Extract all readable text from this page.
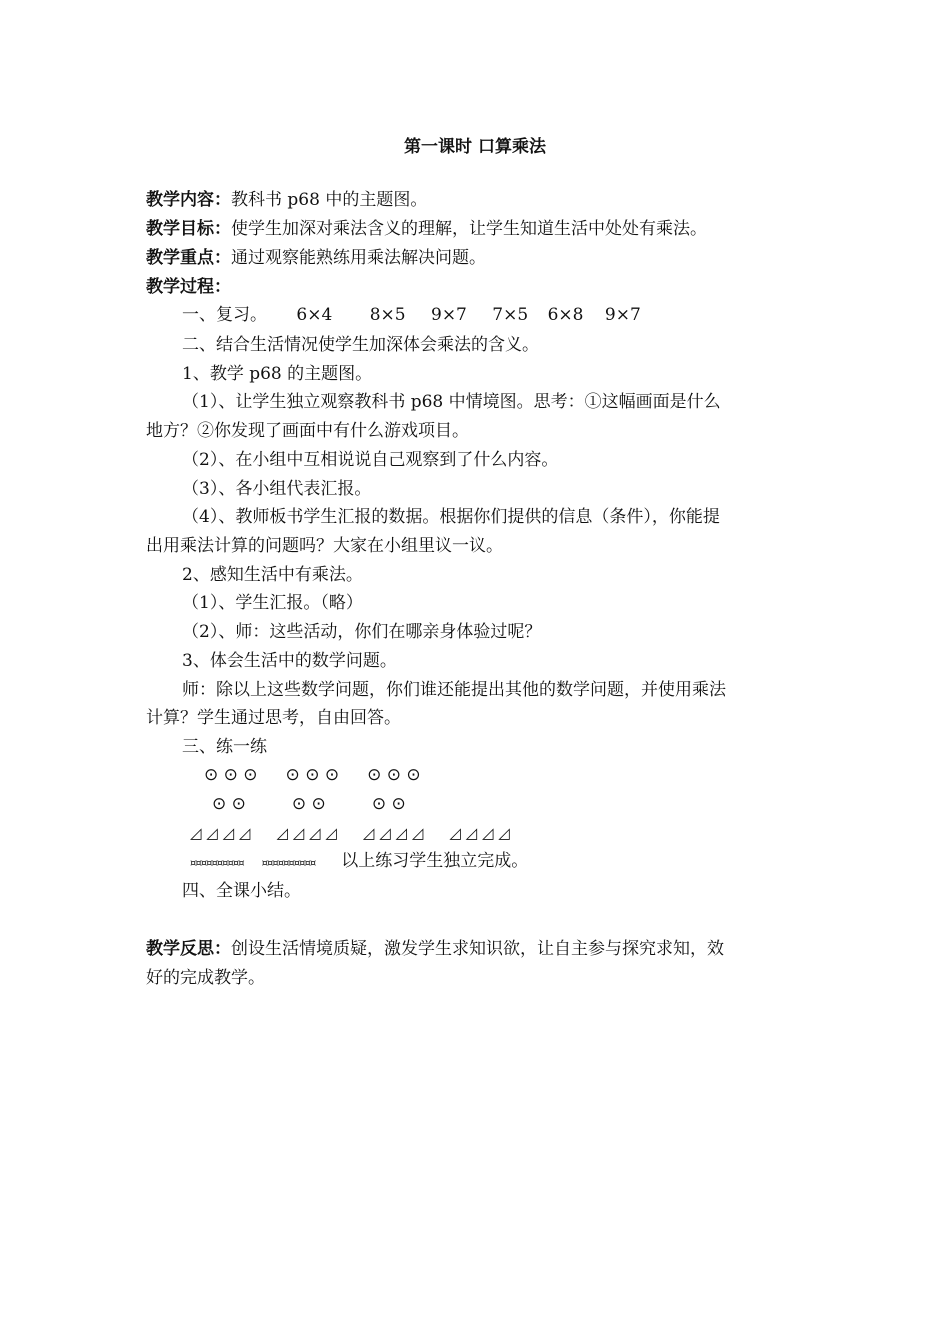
第一课时 口算乘法
教学内容：教科书 p68 中的主题图。
教学目标：使学生加深对乘法含义的理解，让学生知道生活中处处有乘法。
教学重点：通过观察能熟练用乘法解决问题。
教学过程：
一、复习。 6×4 8×5 9×7 7×5 6×8 9×7
二、结合生活情况使学生加深体会乘法的含义。
1、教学 p68 的主题图。
（1）、让学生独立观察教科书 p68 中情境图。思考：①这幅画面是什么
地方？②你发现了画面中有什么游戏项目。
（2）、在小组中互相说说自己观察到了什么内容。
（3）、各小组代表汇报。
（4）、教师板书学生汇报的数据。根据你们提供的信息（条件），你能提
出用乘法计算的问题吗？大家在小组里议一议。
2、感知生活中有乘法。
（1）、学生汇报。（略）
（2）、师：这些活动，你们在哪亲身体验过呢？
3、体会生活中的数学问题。
师：除以上这些数学问题，你们谁还能提出其他的数学问题，并使用乘法
计算？学生通过思考，自由回答。
三、练一练
⊙ ⊙ ⊙ ⊙ ⊙ ⊙ ⊙ ⊙ ⊙
⊙ ⊙	⊙ ⊙	⊙ ⊙
◿ ◿ ◿ ◿ ◿ ◿ ◿ ◿ ◿ ◿ ◿ ◿ ◿ ◿ ◿ ◿
¤¤¤¤¤¤¤¤¤¤ ¤¤¤¤¤¤¤¤¤¤ 以上练习学生独立完成。
四、全课小结。
教学反思：创设生活情境质疑，激发学生求知识欲，让自主参与探究求知，效
好的完成教学。
